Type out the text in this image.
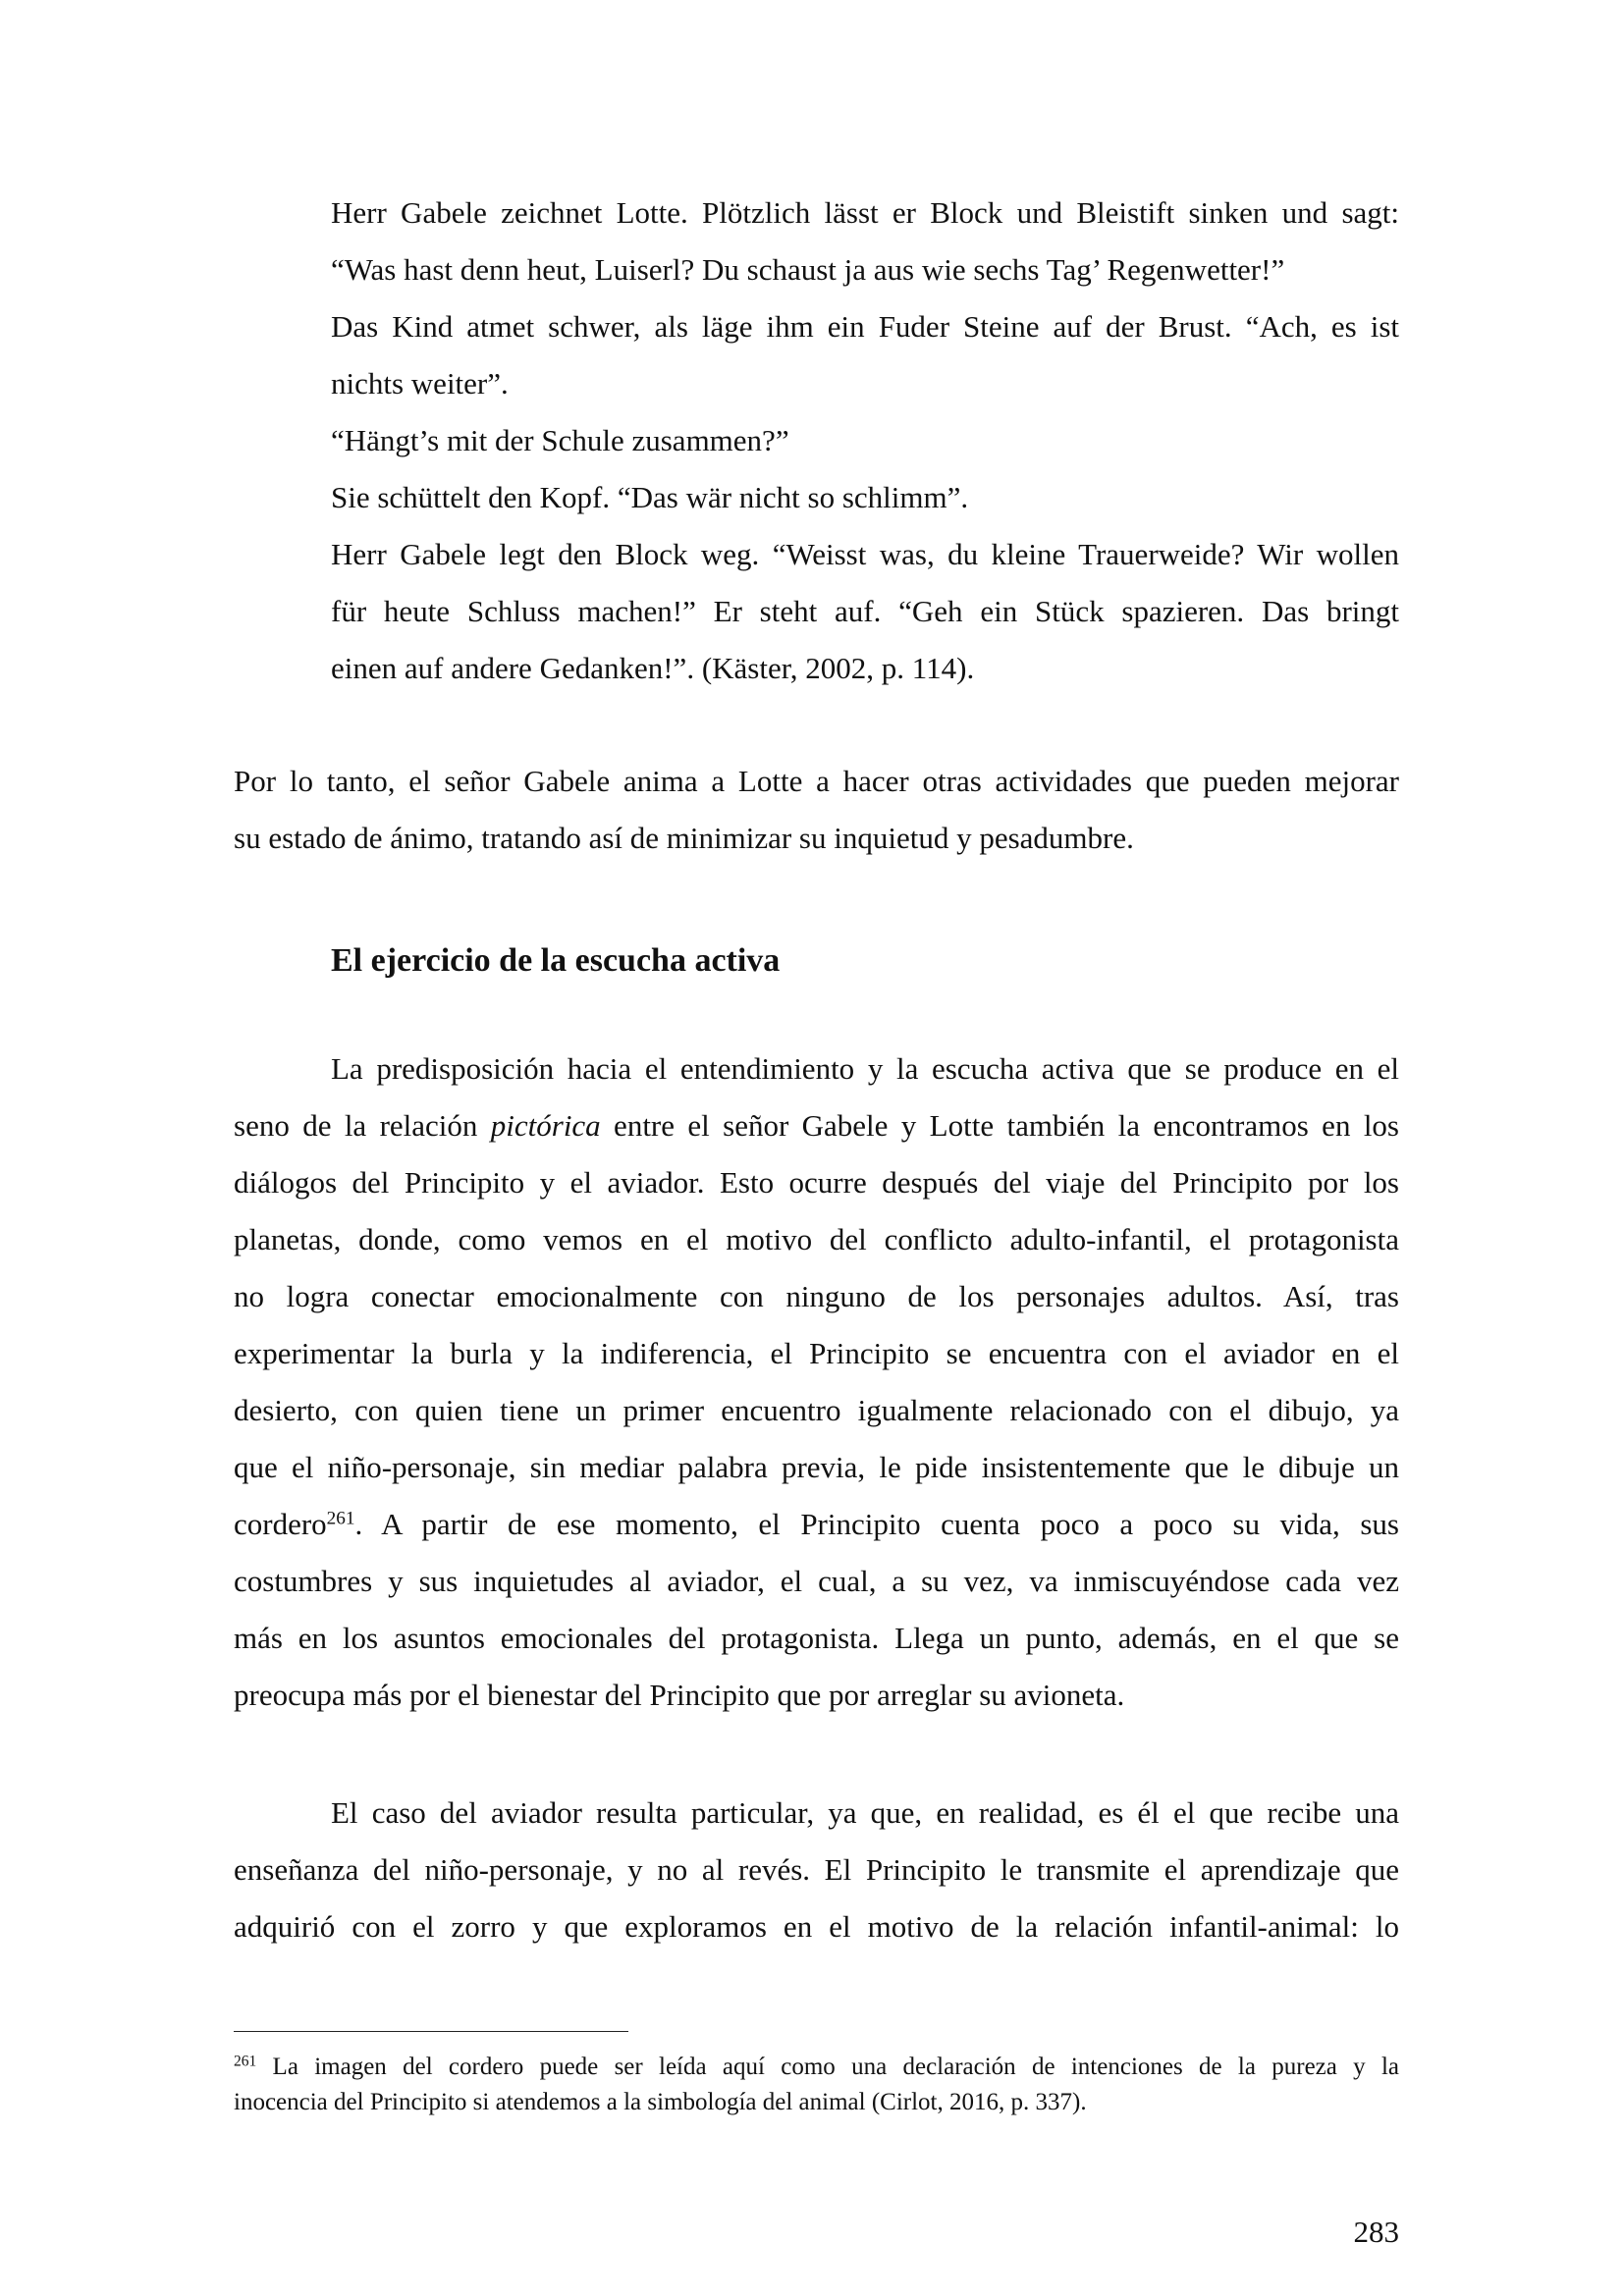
Herr Gabele zeichnet Lotte. Plötzlich lässt er Block und Bleistift sinken und sagt:
“Was hast denn heut, Luiserl? Du schaust ja aus wie sechs Tag’ Regenwetter!”
Das Kind atmet schwer, als läge ihm ein Fuder Steine auf der Brust. “Ach, es ist
nichts weiter”.
“Hängt’s mit der Schule zusammen?”
Sie schüttelt den Kopf. “Das wär nicht so schlimm”.
Herr Gabele legt den Block weg. “Weisst was, du kleine Trauerweide? Wir wollen
für heute Schluss machen!” Er steht auf. “Geh ein Stück spazieren. Das bringt
einen auf andere Gedanken!”. (Käster, 2002, p. 114).
Por lo tanto, el señor Gabele anima a Lotte a hacer otras actividades que pueden mejorar
su estado de ánimo, tratando así de minimizar su inquietud y pesadumbre.
El ejercicio de la escucha activa
La predisposición hacia el entendimiento y la escucha activa que se produce en el
seno de la relación pictórica entre el señor Gabele y Lotte también la encontramos en los
diálogos del Principito y el aviador. Esto ocurre después del viaje del Principito por los
planetas, donde, como vemos en el motivo del conflicto adulto-infantil, el protagonista
no logra conectar emocionalmente con ninguno de los personajes adultos. Así, tras
experimentar la burla y la indiferencia, el Principito se encuentra con el aviador en el
desierto, con quien tiene un primer encuentro igualmente relacionado con el dibujo, ya
que el niño-personaje, sin mediar palabra previa, le pide insistentemente que le dibuje un
cordero$^{261}$. A partir de ese momento, el Principito cuenta poco a poco su vida, sus
costumbres y sus inquietudes al aviador, el cual, a su vez, va inmiscuyéndose cada vez
más en los asuntos emocionales del protagonista. Llega un punto, además, en el que se
preocupa más por el bienestar del Principito que por arreglar su avioneta.
El caso del aviador resulta particular, ya que, en realidad, es él el que recibe una
enseñanza del niño-personaje, y no al revés. El Principito le transmite el aprendizaje que
adquirió con el zorro y que exploramos en el motivo de la relación infantil-animal: lo
$^{261}$ La imagen del cordero puede ser leída aquí como una declaración de intenciones de la pureza y la
inocencia del Principito si atendemos a la simbología del animal (Cirlot, 2016, p. 337).
283
